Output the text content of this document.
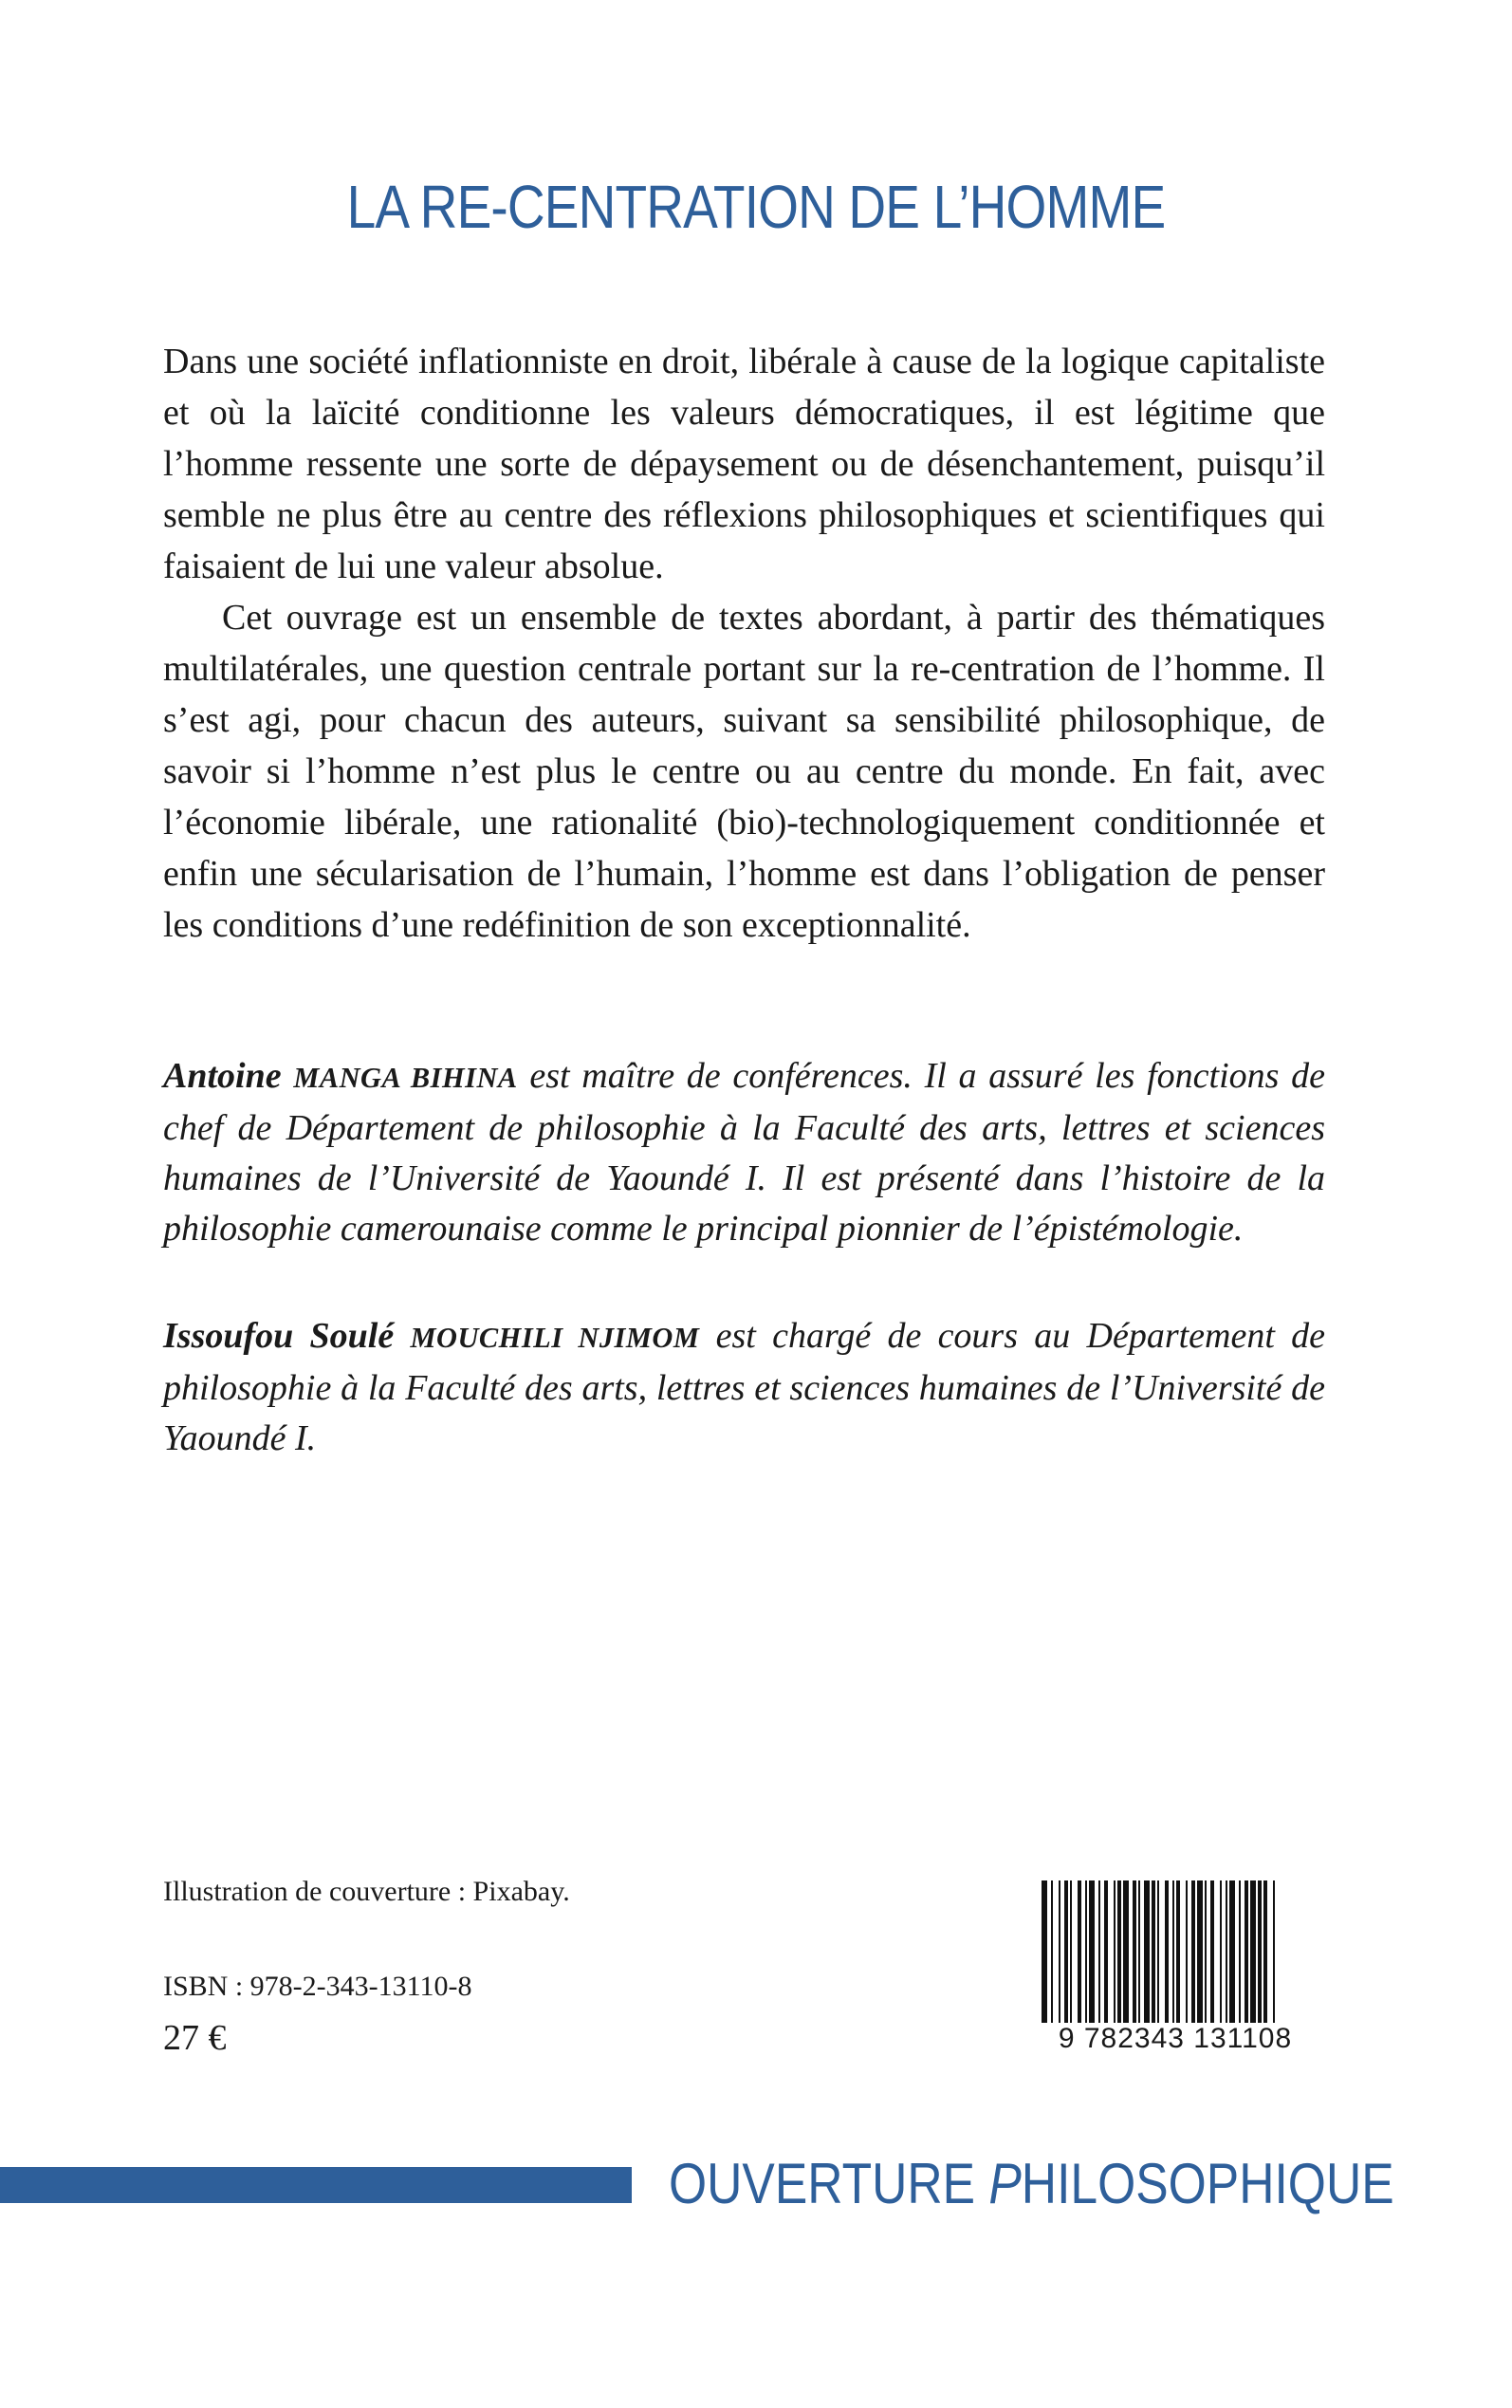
LA RE-CENTRATION DE L’HOMME

Dans une société inflationniste en droit, libérale à cause de la logique capitaliste et où la laïcité conditionne les valeurs démocratiques, il est légitime que l’homme ressente une sorte de dépaysement ou de désenchantement, puisqu’il semble ne plus être au centre des réflexions philosophiques et scientifiques qui faisaient de lui une valeur absolue.

Cet ouvrage est un ensemble de textes abordant, à partir des thématiques multilatérales, une question centrale portant sur la re-centration de l’homme. Il s’est agi, pour chacun des auteurs, suivant sa sensibilité philosophique, de savoir si l’homme n’est plus le centre ou au centre du monde. En fait, avec l’économie libérale, une rationalité (bio)-technologiquement conditionnée et enfin une sécularisation de l’humain, l’homme est dans l’obligation de penser les conditions d’une redéfinition de son exceptionnalité.

Antoine MANGA BIHINA est maître de conférences. Il a assuré les fonctions de chef de Département de philosophie à la Faculté des arts, lettres et sciences humaines de l’Université de Yaoundé I. Il est présenté dans l’histoire de la philosophie camerounaise comme le principal pionnier de l’épistémologie.

Issoufou Soulé MOUCHILI NJIMOM est chargé de cours au Département de philosophie à la Faculté des arts, lettres et sciences humaines de l’Université de Yaoundé I.

Illustration de couverture : Pixabay.
ISBN : 978-2-343-13110-8
27 €	9 782343 131108
OUVERTURE PHILOSOPHIQUE
